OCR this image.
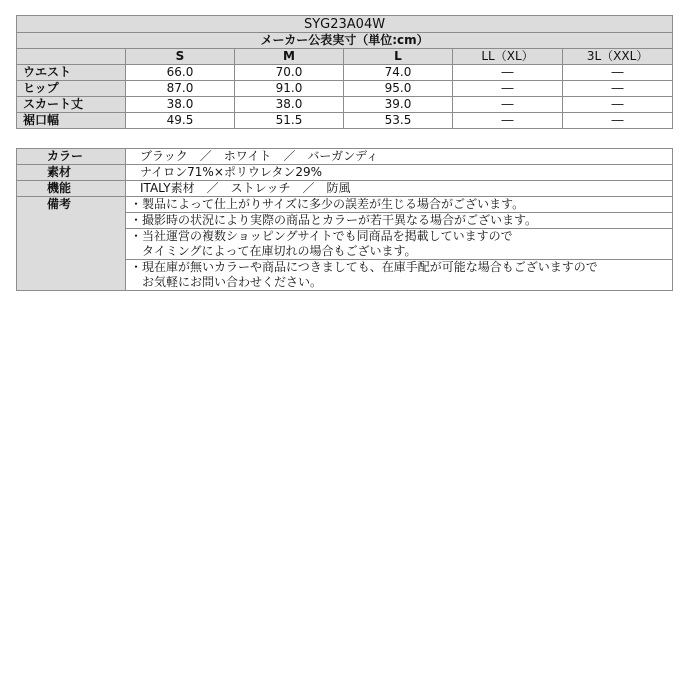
SYG23A04W					
メーカー公表実寸（単位:cm）					
	S	M	L	LL（XL）	3L（XXL）
ウエスト	66.0	70.0	74.0	―	―
ヒップ	87.0	91.0	95.0	―	―
スカート丈	38.0	38.0	39.0	―	―
裾口幅	49.5	51.5	53.5	―	―
カラー	ブラック　／　ホワイト　／　バーガンディ
素材	ナイロン71%×ポリウレタン29%
機能	ITALY素材　／　ストレッチ　／　防風
備考	・製品によって仕上がりサイズに多少の誤差が生じる場合がございます。

	・撮影時の状況により実際の商品とカラーが若干異なる場合がございます。

	・当社運営の複数ショッピングサイトでも同商品を掲載していますので
　タイミングによって在庫切れの場合もございます。

	・現在庫が無いカラーや商品につきましても、在庫手配が可能な場合もございますので
　お気軽にお問い合わせください。
